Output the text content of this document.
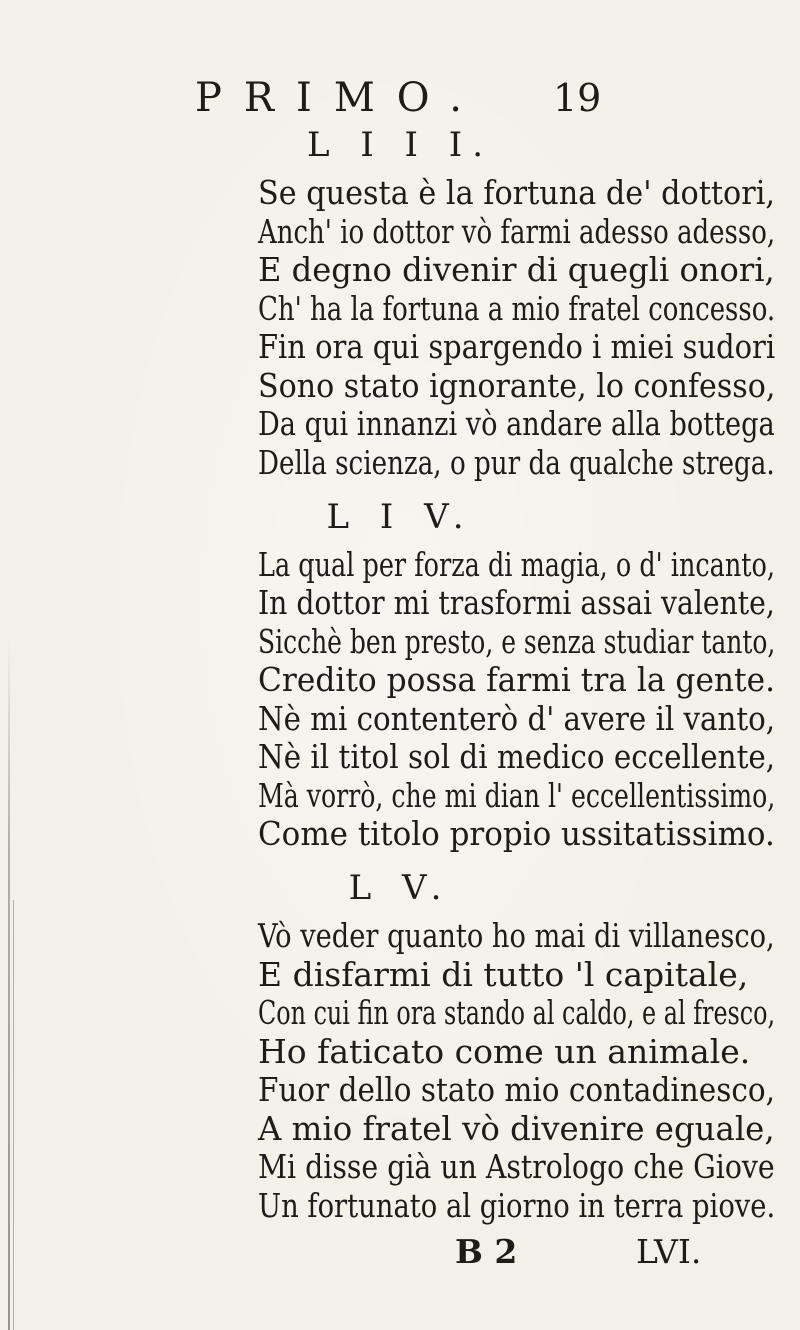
PRIMO. 19
L I I I.
Se questa è la fortuna de' dottori,
Anch' io dottor vò farmi adesso adesso,
E degno divenir di quegli onori,
Ch' ha la fortuna a mio fratel concesso.
Fin ora qui spargendo i miei sudori
Sono stato ignorante, lo confesso,
Da qui innanzi vò andare alla bottega
Della scienza, o pur da qualche strega.
L I V.
La qual per forza di magia, o d' incanto,
In dottor mi trasformi assai valente,
Sicchè ben presto, e senza studiar tanto,
Credito possa farmi tra la gente.
Nè mi contenterò d' avere il vanto,
Nè il titol sol di medico eccellente,
Mà vorrò, che mi dian l' eccellentissimo,
Come titolo propio ussitatissimo.
L V.
Vò veder quanto ho mai di villanesco,
E disfarmi di tutto 'l capitale,
Con cui fin ora stando al caldo, e al fresco,
Ho faticato come un animale.
Fuor dello stato mio contadinesco,
A mio fratel vò divenire eguale,
Mi disse già un Astrologo che Giove
Un fortunato al giorno in terra piove.
B 2	LVI.
